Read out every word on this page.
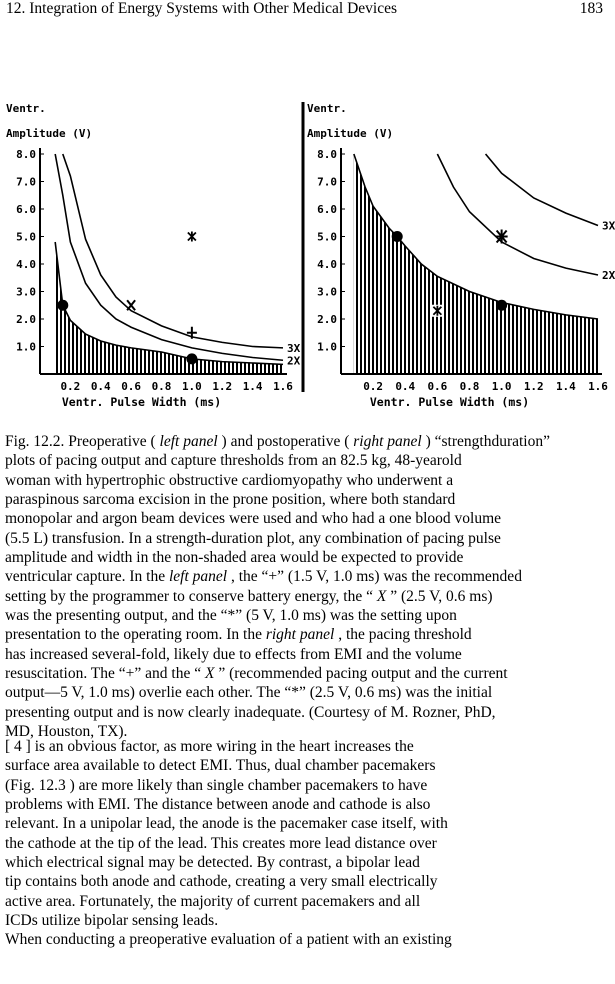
12. Integration of Energy Systems with Other Medical Devices	183
Ventr.
Amplitude (V)
Ventr. Pulse Width (ms)
1.0
2.0
3.0
4.0
5.0
6.0
7.0
8.0
0.2 0.4 0.6 0.8 1.0 1.2 1.4 1.6
2X
3X
Ventr.
Amplitude (V)
Ventr. Pulse Width (ms)
1.0
2.0
3.0
4.0
5.0
6.0
7.0
8.0
0.2 0.4 0.6 0.8 1.0 1.2 1.4 1.6
2X
3X

Fig. 12.2. Preoperative ( left panel ) and postoperative ( right panel ) “strengthduration”

plots of pacing output and capture thresholds from an 82.5 kg, 48-yearold

woman with hypertrophic obstructive cardiomyopathy who underwent a

paraspinous sarcoma excision in the prone position, where both standard

monopolar and argon beam devices were used and who had a one blood volume

(5.5 L) transfusion. In a strength-duration plot, any combination of pacing pulse

amplitude and width in the non-shaded area would be expected to provide

ventricular capture. In the left panel , the “+” (1.5 V, 1.0 ms) was the recommended

setting by the programmer to conserve battery energy, the “ X ” (2.5 V, 0.6 ms)

was the presenting output, and the “*” (5 V, 1.0 ms) was the setting upon

presentation to the operating room. In the right panel , the pacing threshold

has increased several-fold, likely due to effects from EMI and the volume

resuscitation. The “+” and the “ X ” (recommended pacing output and the current

output—5 V, 1.0 ms) overlie each other. The “*” (2.5 V, 0.6 ms) was the initial

presenting output and is now clearly inadequate. (Courtesy of M. Rozner, PhD,

MD, Houston, TX).

[ 4 ] is an obvious factor, as more wiring in the heart increases the

surface area available to detect EMI. Thus, dual chamber pacemakers

(Fig. 12.3 ) are more likely than single chamber pacemakers to have

problems with EMI. The distance between anode and cathode is also

relevant. In a unipolar lead, the anode is the pacemaker case itself, with

the cathode at the tip of the lead. This creates more lead distance over

which electrical signal may be detected. By contrast, a bipolar lead

tip contains both anode and cathode, creating a very small electrically

active area. Fortunately, the majority of current pacemakers and all

ICDs utilize bipolar sensing leads.

When conducting a preoperative evaluation of a patient with an existing
